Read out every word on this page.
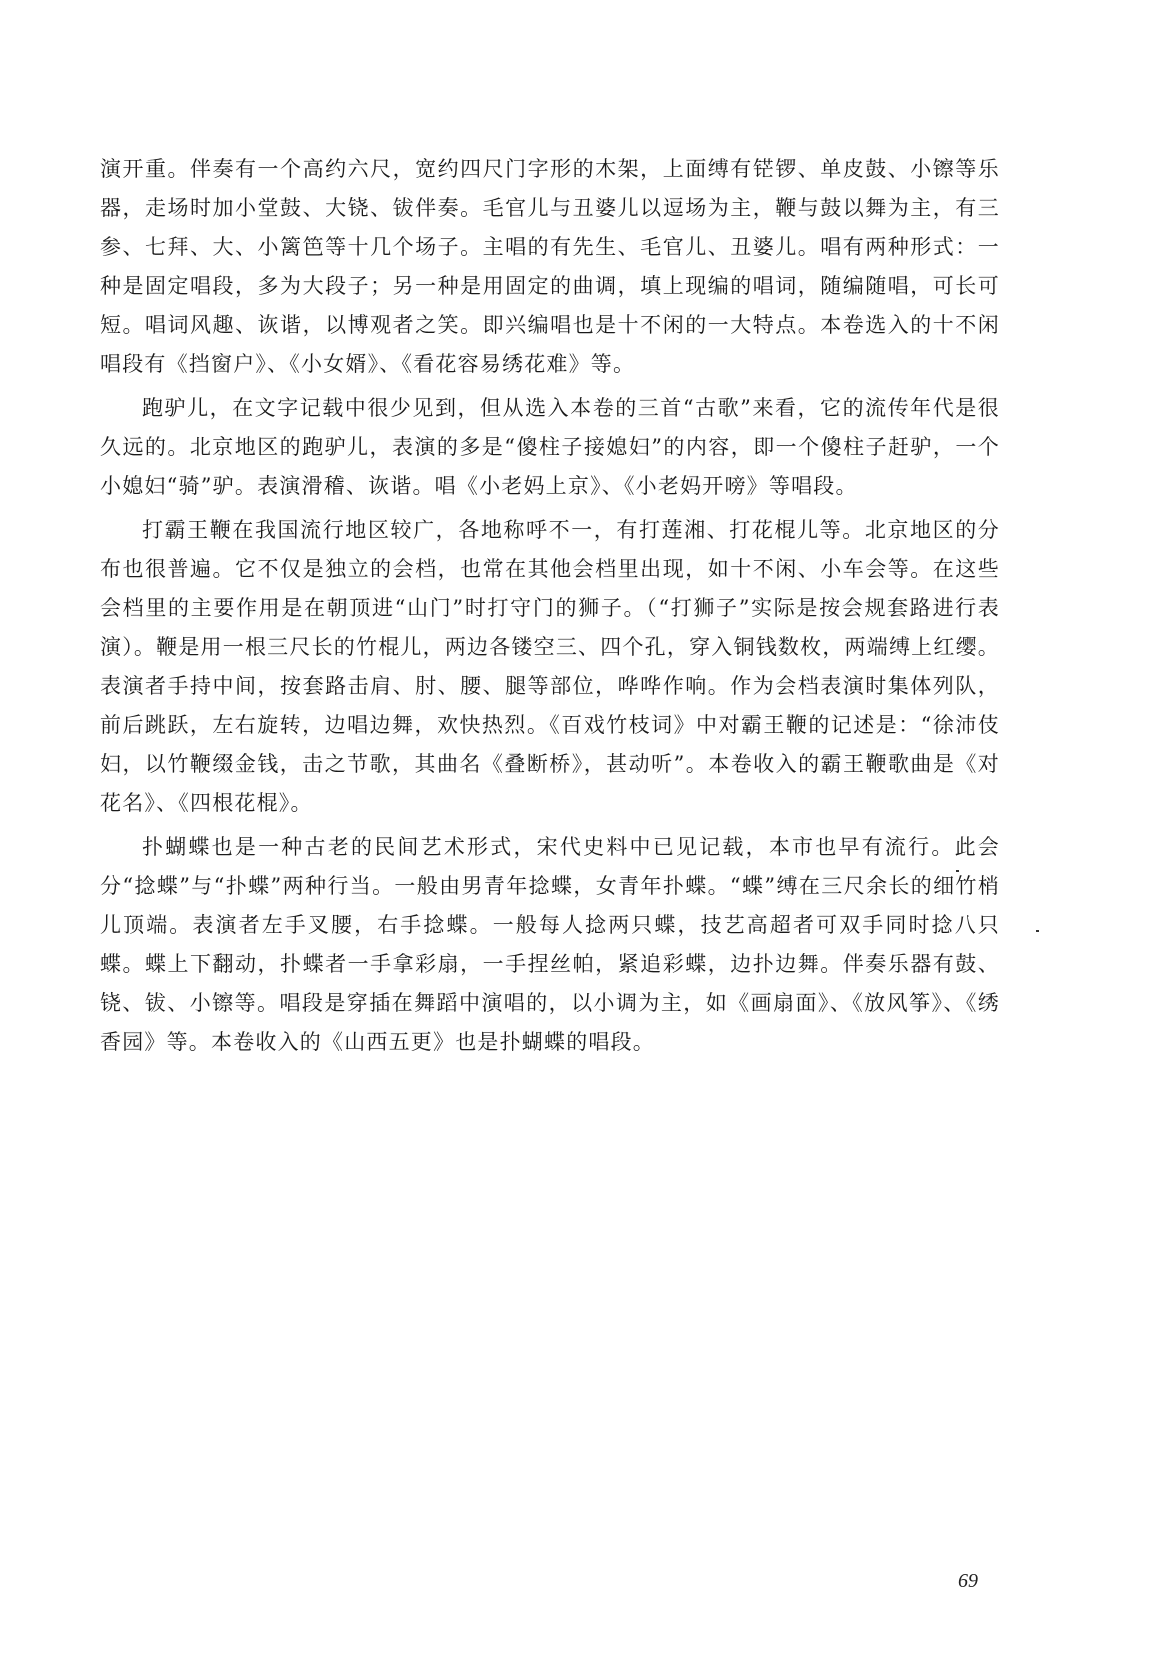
演开重。伴奏有一个高约六尺，宽约四尺门字形的木架，上面缚有铓锣、单皮鼓、小镲等乐器，走场时加小堂鼓、大铙、钹伴奏。毛官儿与丑婆儿以逗场为主，鞭与鼓以舞为主，有三参、七拜、大、小篱笆等十几个场子。主唱的有先生、毛官儿、丑婆儿。唱有两种形式：一种是固定唱段，多为大段子；另一种是用固定的曲调，填上现编的唱词，随编随唱，可长可短。唱词风趣、诙谐，以博观者之笑。即兴编唱也是十不闲的一大特点。本卷选入的十不闲唱段有《挡窗户》、《小女婿》、《看花容易绣花难》等。

跑驴儿，在文字记载中很少见到，但从选入本卷的三首“古歌”来看，它的流传年代是很久远的。北京地区的跑驴儿，表演的多是“傻柱子接媳妇”的内容，即一个傻柱子赶驴，一个小媳妇“骑”驴。表演滑稽、诙谐。唱《小老妈上京》、《小老妈开嗙》等唱段。

打霸王鞭在我国流行地区较广，各地称呼不一，有打莲湘、打花棍儿等。北京地区的分布也很普遍。它不仅是独立的会档，也常在其他会档里出现，如十不闲、小车会等。在这些会档里的主要作用是在朝顶进“山门”时打守门的狮子。（“打狮子”实际是按会规套路进行表演）。鞭是用一根三尺长的竹棍儿，两边各镂空三、四个孔，穿入铜钱数枚，两端缚上红缨。表演者手持中间，按套路击肩、肘、腰、腿等部位，哗哗作响。作为会档表演时集体列队，前后跳跃，左右旋转，边唱边舞，欢快热烈。《百戏竹枝词》中对霸王鞭的记述是：“徐沛伎妇，以竹鞭缀金钱，击之节歌，其曲名《叠断桥》，甚动听”。本卷收入的霸王鞭歌曲是《对花名》、《四根花棍》。

扑蝴蝶也是一种古老的民间艺术形式，宋代史料中已见记载，本市也早有流行。此会分“捻蝶”与“扑蝶”两种行当。一般由男青年捻蝶，女青年扑蝶。“蝶”缚在三尺余长的细竹梢儿顶端。表演者左手叉腰，右手捻蝶。一般每人捻两只蝶，技艺高超者可双手同时捻八只蝶。蝶上下翻动，扑蝶者一手拿彩扇，一手捏丝帕，紧追彩蝶，边扑边舞。伴奏乐器有鼓、铙、钹、小镲等。唱段是穿插在舞蹈中演唱的，以小调为主，如《画扇面》、《放风筝》、《绣香园》等。本卷收入的《山西五更》也是扑蝴蝶的唱段。

69
